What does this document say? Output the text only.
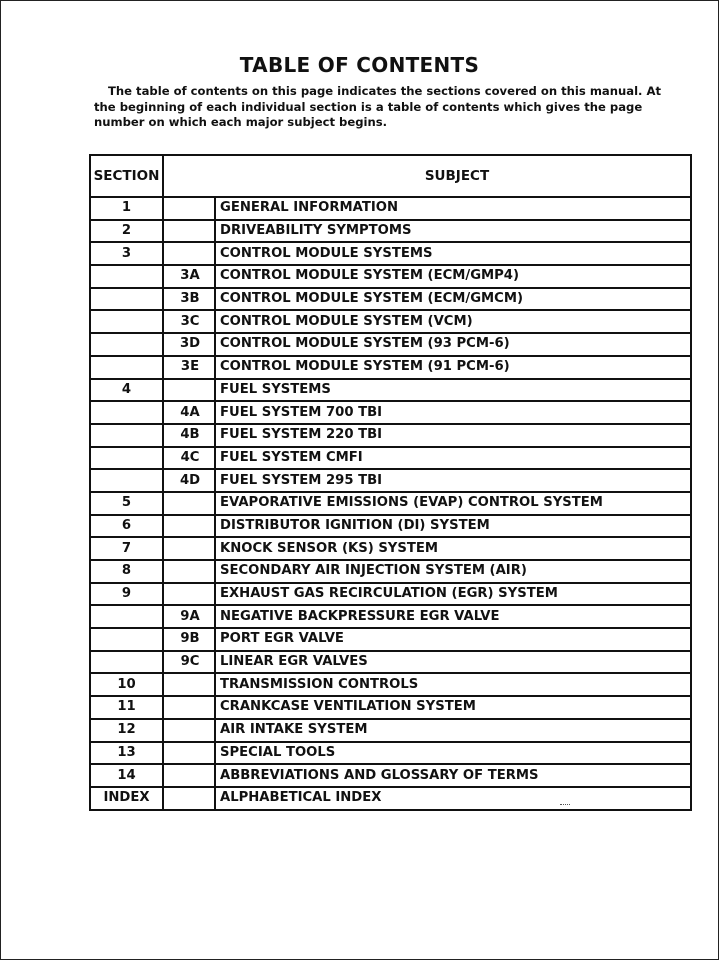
TABLE OF CONTENTS

The table of contents on this page indicates the sections covered on this manual. At the beginning of each individual section is a table of contents which gives the page number on which each major subject begins.

SECTION	SUBJECT	
1		GENERAL INFORMATION
2		DRIVEABILITY SYMPTOMS
3		CONTROL MODULE SYSTEMS
	3A	CONTROL MODULE SYSTEM (ECM/GMP4)
	3B	CONTROL MODULE SYSTEM (ECM/GMCM)
	3C	CONTROL MODULE SYSTEM (VCM)
	3D	CONTROL MODULE SYSTEM (93 PCM-6)
	3E	CONTROL MODULE SYSTEM (91 PCM-6)
4		FUEL SYSTEMS
	4A	FUEL SYSTEM 700 TBI
	4B	FUEL SYSTEM 220 TBI
	4C	FUEL SYSTEM CMFI
	4D	FUEL SYSTEM 295 TBI
5		EVAPORATIVE EMISSIONS (EVAP) CONTROL SYSTEM
6		DISTRIBUTOR IGNITION (DI) SYSTEM
7		KNOCK SENSOR (KS) SYSTEM
8		SECONDARY AIR INJECTION SYSTEM (AIR)
9		EXHAUST GAS RECIRCULATION (EGR) SYSTEM
	9A	NEGATIVE BACKPRESSURE EGR VALVE
	9B	PORT EGR VALVE
	9C	LINEAR EGR VALVES
10		TRANSMISSION CONTROLS
11		CRANKCASE VENTILATION SYSTEM
12		AIR INTAKE SYSTEM
13		SPECIAL TOOLS
14		ABBREVIATIONS AND GLOSSARY OF TERMS
INDEX		ALPHABETICAL INDEX
